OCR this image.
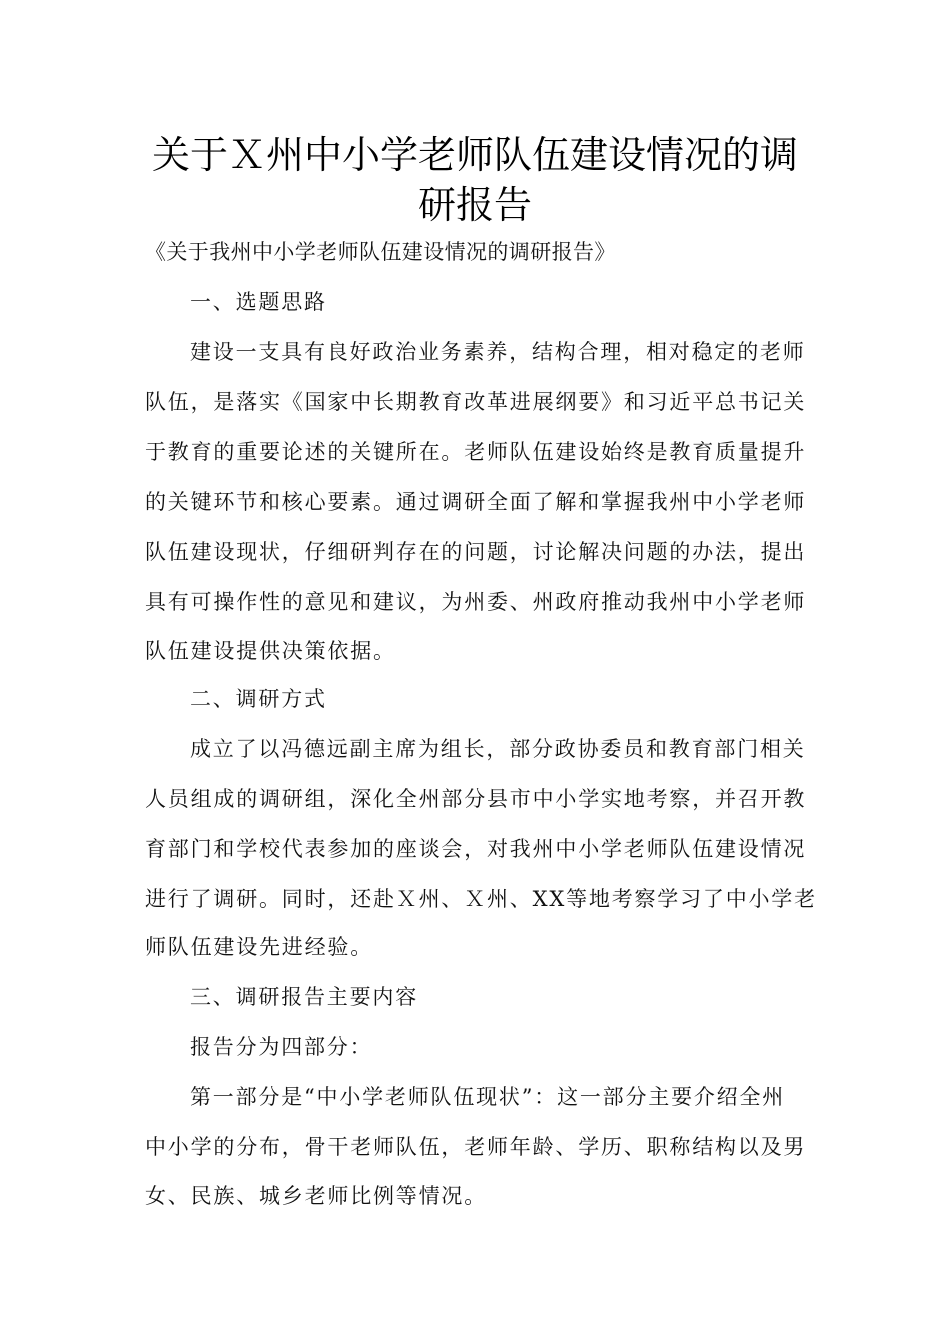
关于Ｘ州中小学老师队伍建设情况的调
研报告
《关于我州中小学老师队伍建设情况的调研报告》
一、选题思路
建设一支具有良好政治业务素养，结构合理，相对稳定的老师
队伍，是落实《国家中长期教育改革进展纲要》和习近平总书记关
于教育的重要论述的关键所在。老师队伍建设始终是教育质量提升
的关键环节和核心要素。通过调研全面了解和掌握我州中小学老师
队伍建设现状，仔细研判存在的问题，讨论解决问题的办法，提出
具有可操作性的意见和建议，为州委、州政府推动我州中小学老师
队伍建设提供决策依据。
二、调研方式
成立了以冯德远副主席为组长，部分政协委员和教育部门相关
人员组成的调研组，深化全州部分县市中小学实地考察，并召开教
育部门和学校代表参加的座谈会，对我州中小学老师队伍建设情况
进行了调研。同时，还赴Ｘ州、Ｘ州、XX等地考察学习了中小学老
师队伍建设先进经验。
三、调研报告主要内容
报告分为四部分：
第一部分是“中小学老师队伍现状”：这一部分主要介绍全州
中小学的分布，骨干老师队伍，老师年龄、学历、职称结构以及男
女、民族、城乡老师比例等情况。
